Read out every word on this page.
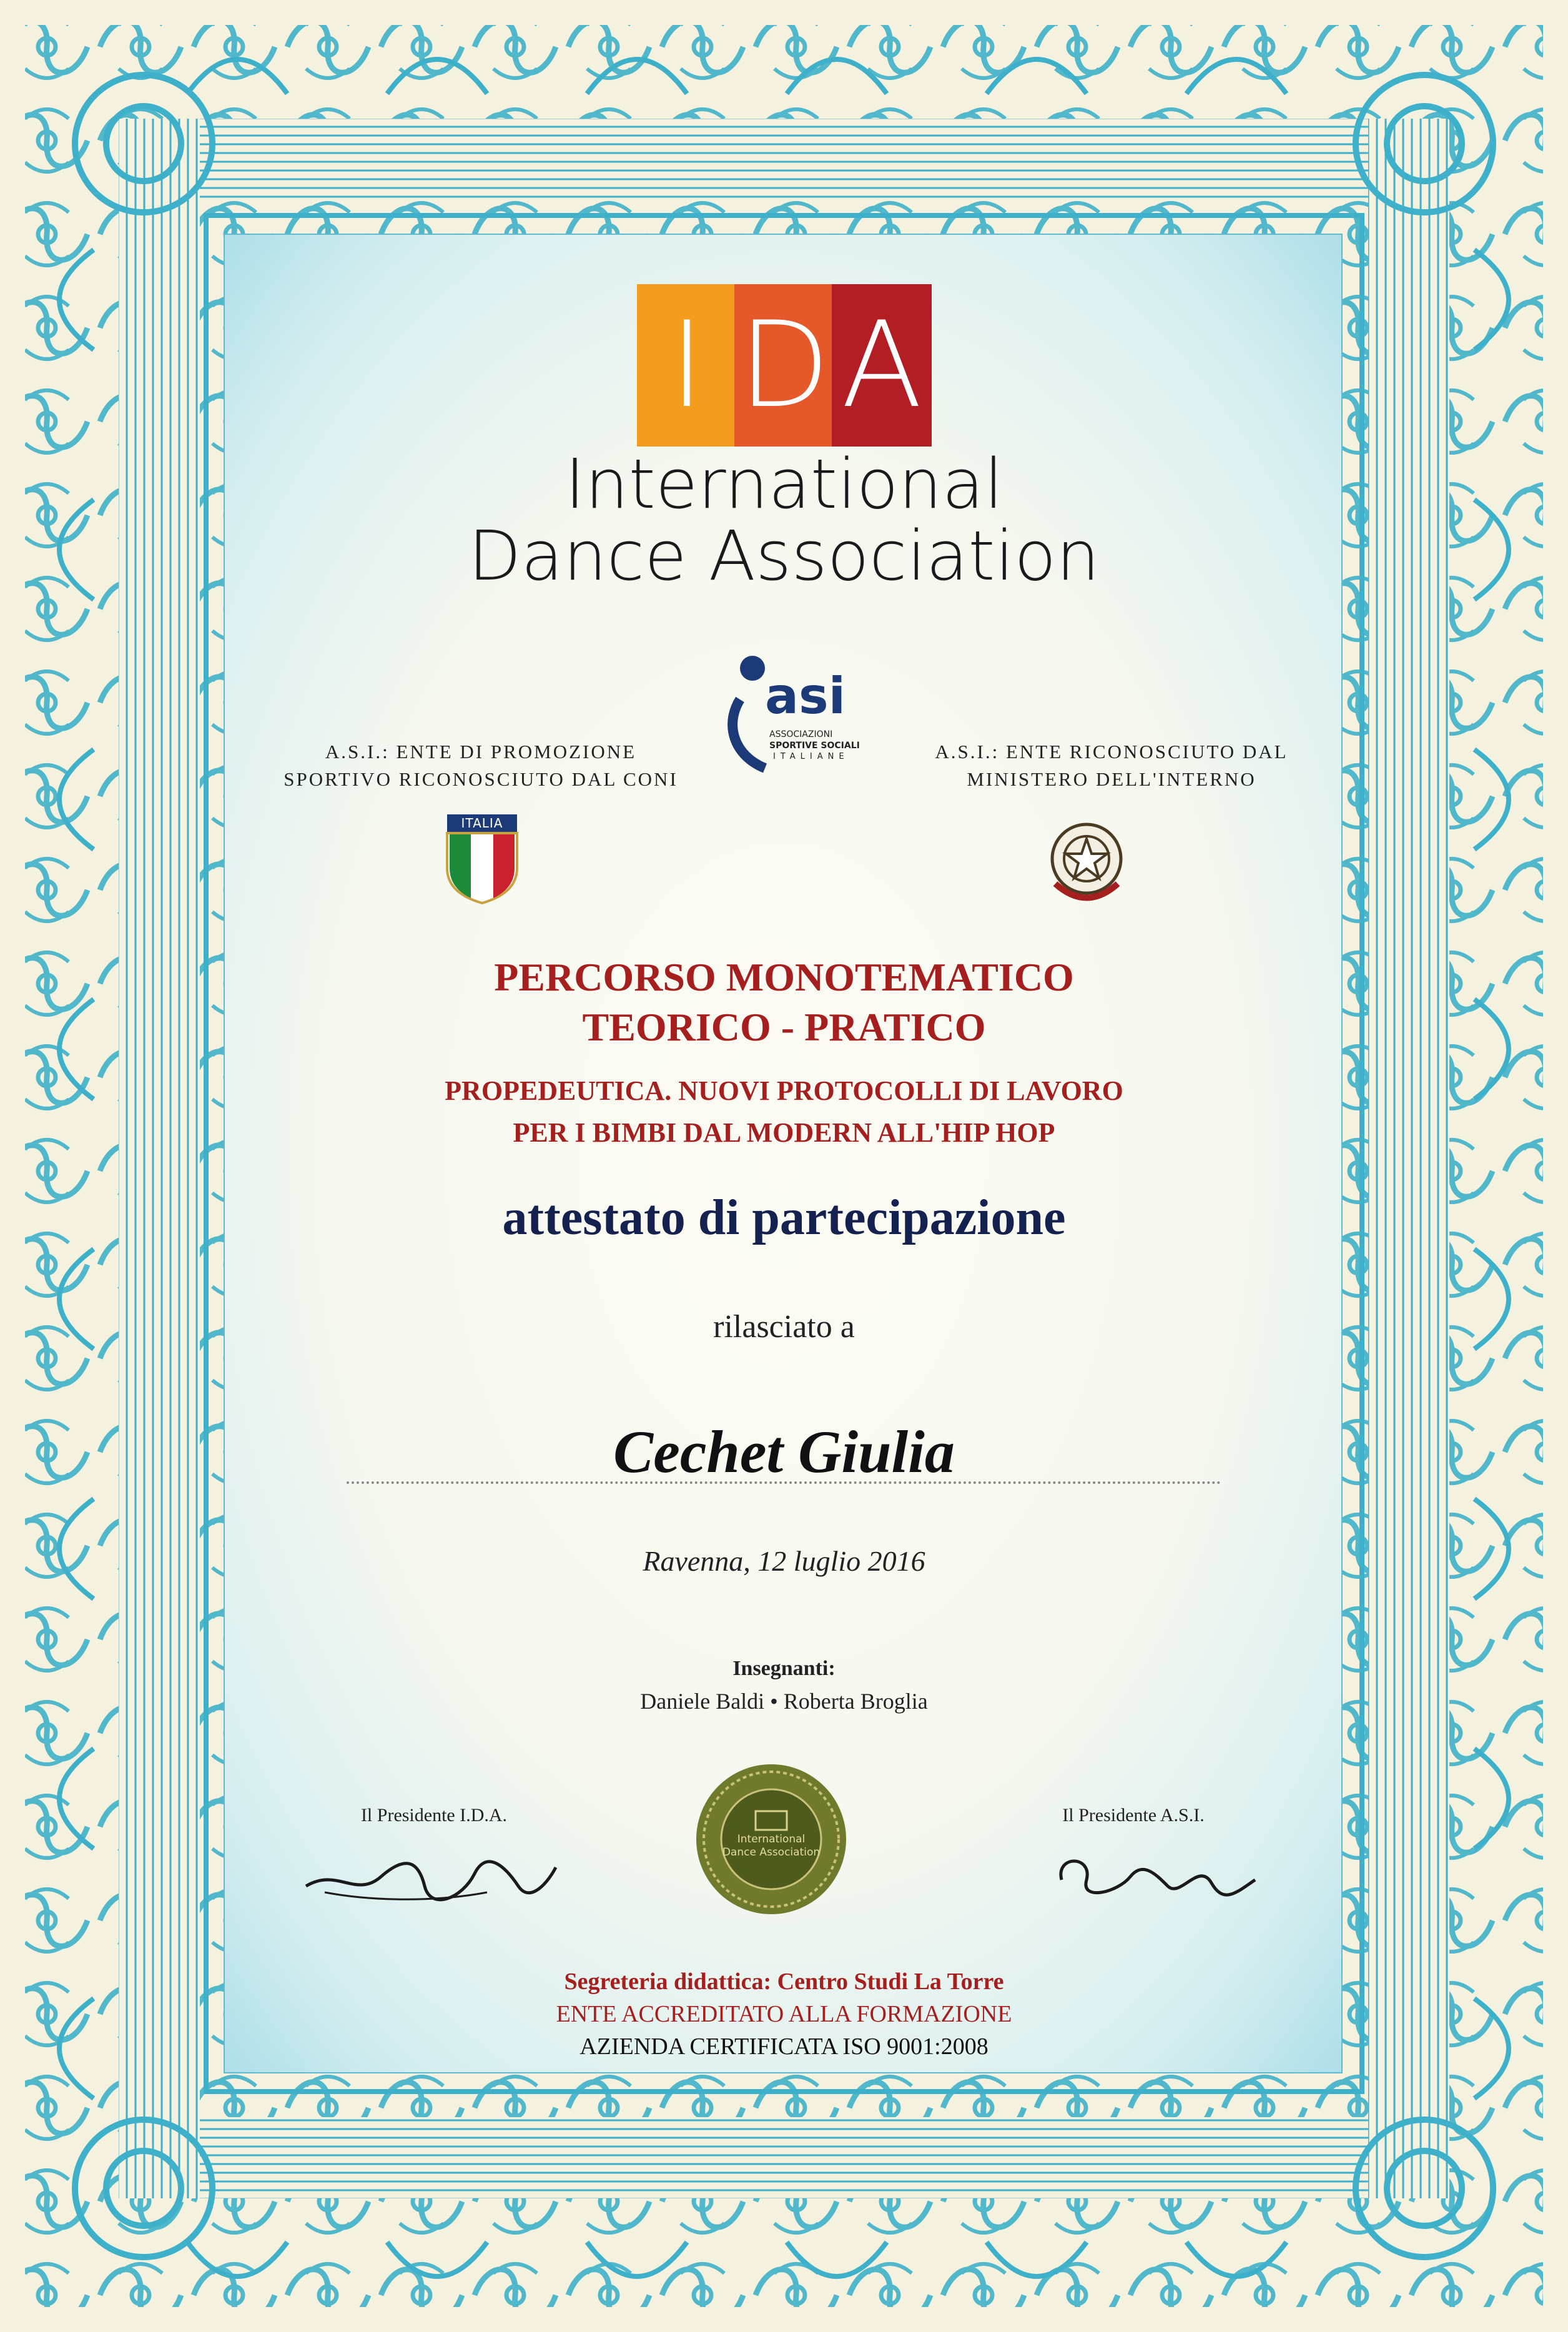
I D A
International
Dance Association
asi
ASSOCIAZIONI
SPORTIVE SOCIALI
ITALIANE
A.S.I.: ENTE DI PROMOZIONE
SPORTIVO RICONOSCIUTO DAL CONI
A.S.I.: ENTE RICONOSCIUTO DAL
MINISTERO DELL'INTERNO
ITALIA
PERCORSO MONOTEMATICO
TEORICO - PRATICO
PROPEDEUTICA. NUOVI PROTOCOLLI DI LAVORO
PER I BIMBI DAL MODERN ALL'HIP HOP
attestato di partecipazione
rilasciato a
Cechet Giulia
Ravenna, 12 luglio 2016
Insegnanti:
Daniele Baldi • Roberta Broglia
Il Presidente I.D.A.	Il Presidente A.S.I.
International
Dance Association
Segreteria didattica: Centro Studi La Torre
ENTE ACCREDITATO ALLA FORMAZIONE
AZIENDA CERTIFICATA ISO 9001:2008
